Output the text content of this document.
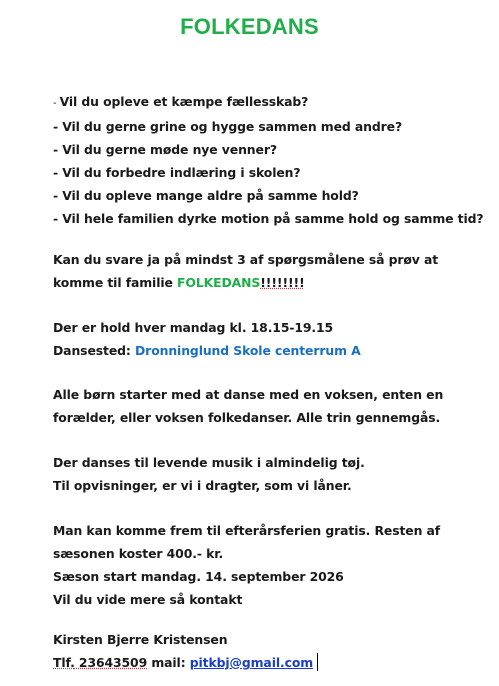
FOLKEDANS
- Vil du opleve et kæmpe fællesskab?
- Vil du gerne grine og hygge sammen med andre?
- Vil du gerne møde nye venner?
- Vil du forbedre indlæring i skolen?
- Vil du opleve mange aldre på samme hold?
- Vil hele familien dyrke motion på samme hold og samme tid?
Kan du svare ja på mindst 3 af spørgsmålene så prøv at
komme til familie FOLKEDANS!!!!!!!!
Der er hold hver mandag kl. 18.15-19.15
Dansested: Dronninglund Skole centerrum A
Alle børn starter med at danse med en voksen, enten en
forælder, eller voksen folkedanser. Alle trin gennemgås.
Der danses til levende musik i almindelig tøj.
Til opvisninger, er vi i dragter, som vi låner.
Man kan komme frem til efterårsferien gratis. Resten af
sæsonen koster 400.- kr.
Sæson start mandag. 14. september 2026
Vil du vide mere så kontakt
Kirsten Bjerre Kristensen
Tlf. 23643509 mail: pitkbj@gmail.com
